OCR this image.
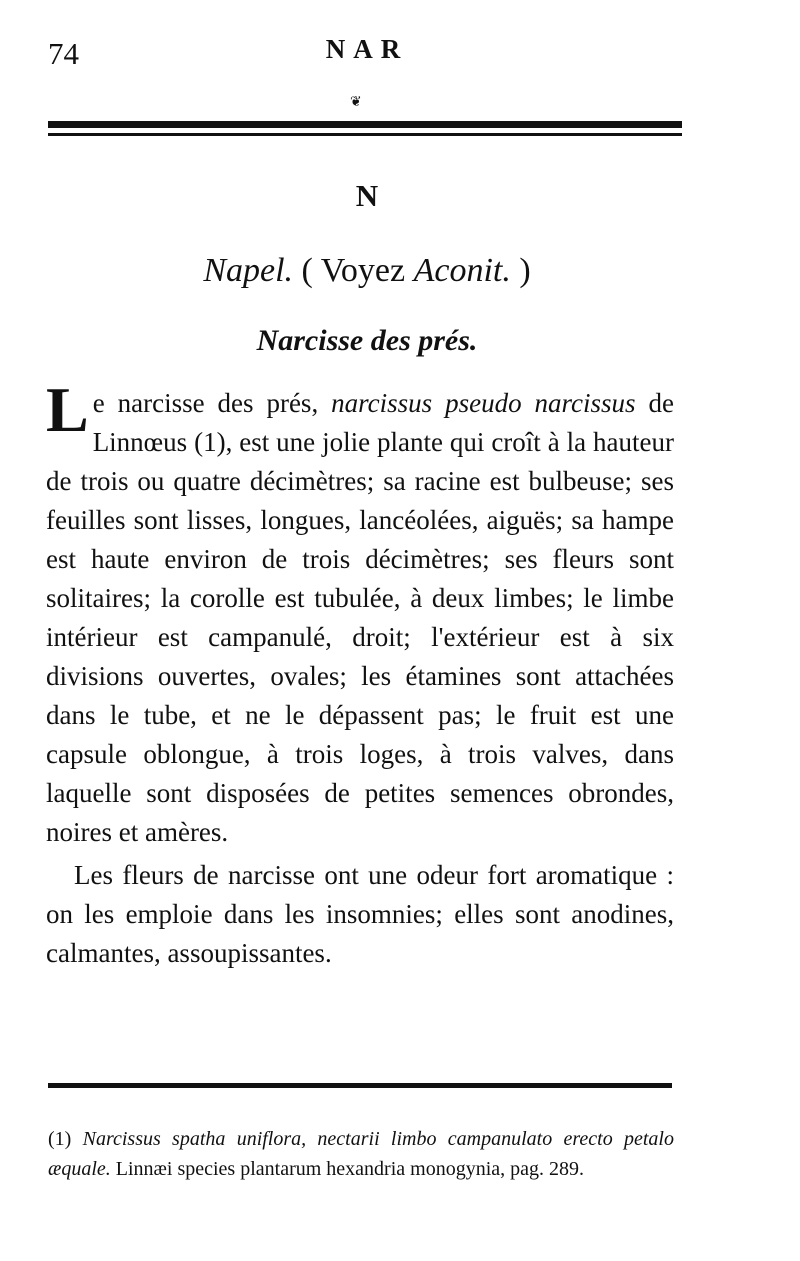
74	NAR
❦
N
Napel. ( Voyez Aconit. )
Narcisse des prés.

Le narcisse des prés, narcissus pseudo narcissus de Linnœus (1), est une jolie plante qui croît à la hauteur de trois ou quatre décimètres; sa racine est bulbeuse; ses feuilles sont lisses, longues, lancéolées, aiguës; sa hampe est haute environ de trois décimètres; ses fleurs sont solitaires; la corolle est tubulée, à deux limbes; le limbe intérieur est campanulé, droit; l'extérieur est à six divisions ouvertes, ovales; les étamines sont attachées dans le tube, et ne le dépassent pas; le fruit est une capsule oblongue, à trois loges, à trois valves, dans laquelle sont disposées de petites semences obrondes, noires et amères.

Les fleurs de narcisse ont une odeur fort aromatique : on les emploie dans les insomnies; elles sont anodines, calmantes, assoupissantes.

(1) Narcissus spatha uniflora, nectarii limbo campanulato erecto petalo æquale. Linnæi species plantarum hexandria monogynia, pag. 289.
